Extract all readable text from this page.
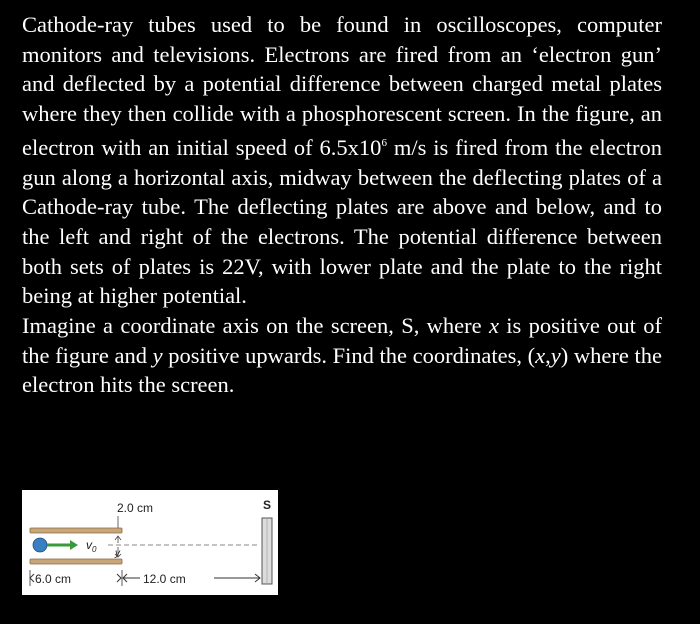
Cathode-ray tubes used to be found in oscilloscopes, computer monitors and televisions. Electrons are fired from an ‘electron gun’ and deflected by a potential difference between charged metal plates where they then collide with a phosphorescent screen. In the figure, an electron with an initial speed of $6.5x10^6$ m/s is fired from the electron gun along a horizontal axis, midway between the deflecting plates of a Cathode-ray tube. The deflecting plates are above and below, and to the left and right of the electrons. The potential difference between both sets of plates is 22V, with lower plate and the plate to the right being at higher potential.

Imagine a coordinate axis on the screen, S, where x is positive out of the figure and y positive upwards. Find the coordinates, (x,y) where the electron hits the screen.

2.0 cm	S
$v_0$ y
6.0 cm	12.0 cm
